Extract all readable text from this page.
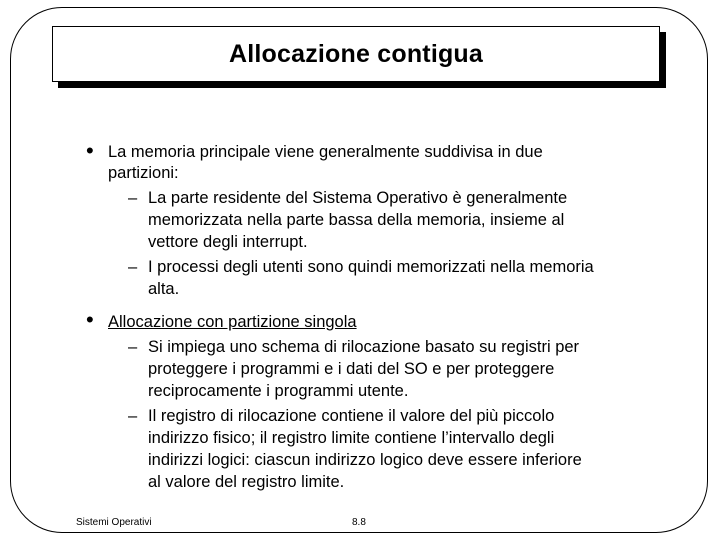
Allocazione contigua
• La memoria principale viene generalmente suddivisa in due
partizioni:
– La parte residente del Sistema Operativo è generalmente
memorizzata nella parte bassa della memoria, insieme al
vettore degli interrupt.
– I processi degli utenti sono quindi memorizzati nella memoria
alta.
• Allocazione con partizione singola
– Si impiega uno schema di rilocazione basato su registri per
proteggere i programmi e i dati del SO e per proteggere
reciprocamente i programmi utente.
– Il registro di rilocazione contiene il valore del più piccolo
indirizzo fisico; il registro limite contiene l’intervallo degli
indirizzi logici: ciascun indirizzo logico deve essere inferiore
al valore del registro limite.
Sistemi Operativi	8.8
